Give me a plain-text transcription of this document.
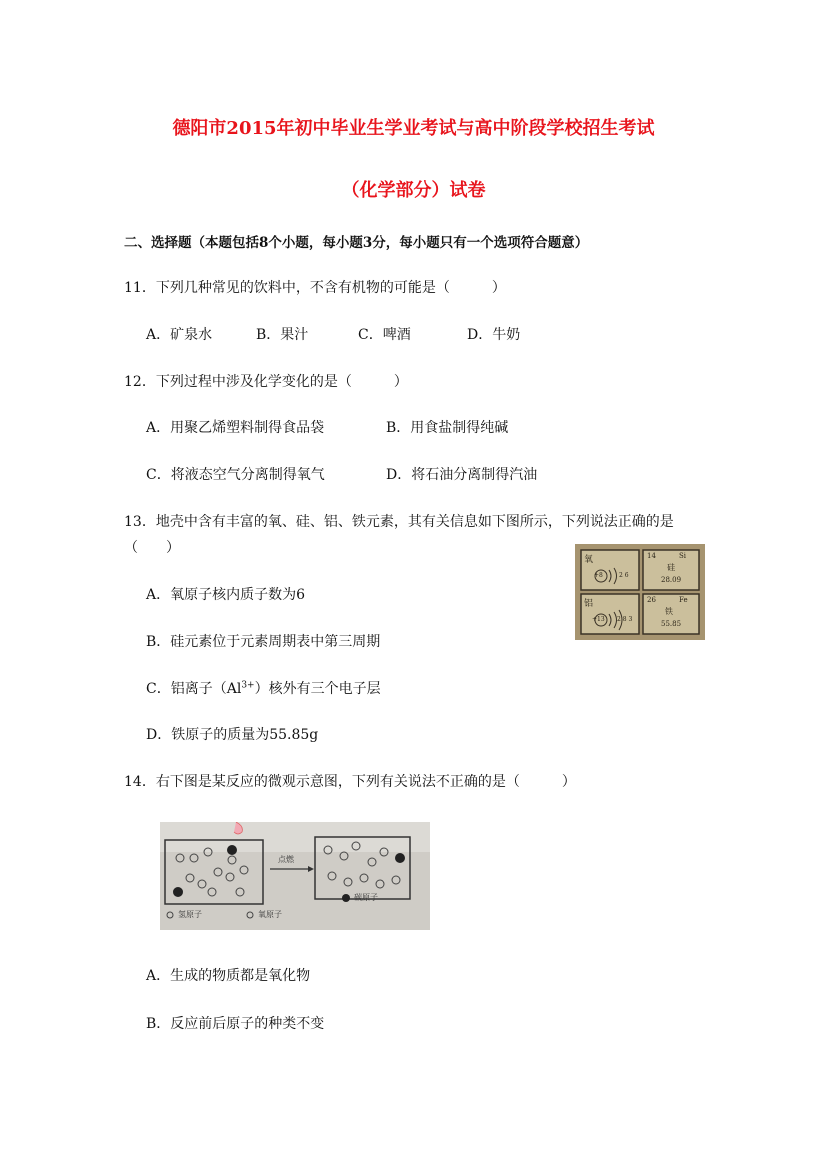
德阳市2015年初中毕业生学业考试与高中阶段学校招生考试
（化学部分）试卷
二、选择题（本题包括8个小题，每小题3分，每小题只有一个选项符合题意）
11．下列几种常见的饮料中，不含有机物的可能是（　　　）
A．矿泉水	B．果汁	C．啤酒	D．牛奶
12．下列过程中涉及化学变化的是（　　　）
A．用聚乙烯塑料制得食品袋	B．用食盐制得纯碱
C．将液态空气分离制得氧气	D．将石油分离制得汽油
13．地壳中含有丰富的氧、硅、铝、铁元素，其有关信息如下图所示，下列说法正确的是
（　　）
A．氧原子核内质子数为6
B．硅元素位于元素周期表中第三周期
C．铝离子$(Al^{3+})$核外有三个电子层
D．铁原子的质量为55.85g
氧
+8	2 6
14	Si
硅
28.09
铝
+13 2 8 3
26	Fe
铁
55.85
14．右下图是某反应的微观示意图，下列有关说法不正确的是（　　　）
点燃
氢原子	氧原子
碳原子
A．生成的物质都是氧化物
B．反应前后原子的种类不变
